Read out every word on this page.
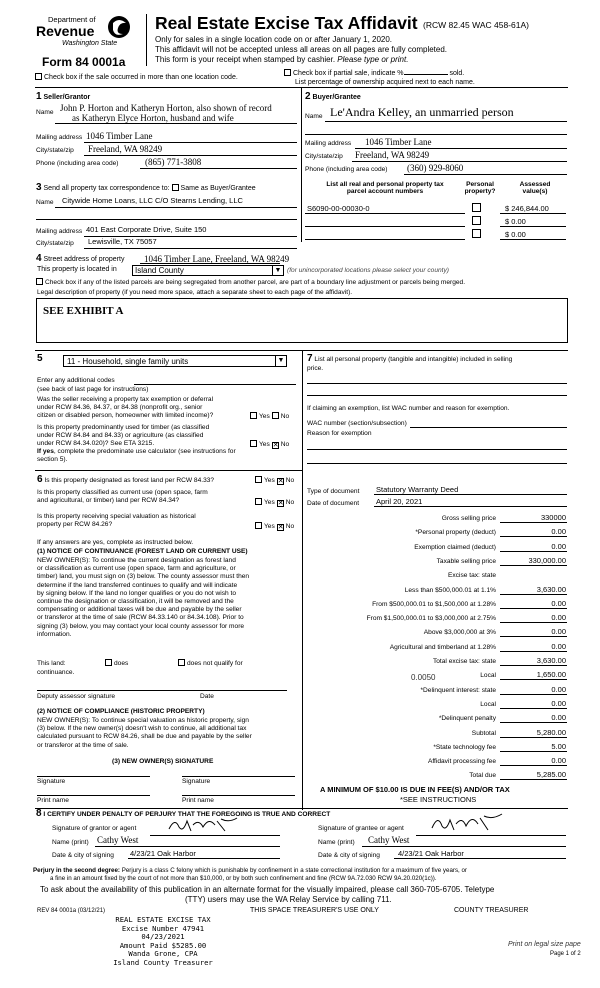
Department of
Revenue
Washington State
Form 84 0001a
Real Estate Excise Tax Affidavit (RCW 82.45 WAC 458-61A)
Only for sales in a single location code on or after January 1, 2020.
This affidavit will not be accepted unless all areas on all pages are fully completed.
This form is your receipt when stamped by cashier. Please type or print.
Check box if the sale occurred in more than one location code.
Check box if partial sale, indicate %	sold.
List percentage of ownership acquired next to each name.
1 Seller/Grantor
Name John P. Horton and Katheryn Horton, also shown of record
as Katheryn Elyce Horton, husband and wife
Mailing address 1046 Timber Lane
City/state/zip Freeland, WA 98249
Phone (including area code)	(865) 771-3808
2 Buyer/Grantee
Name Le'Andra Kelley, an unmarried person
Mailing address 1046 Timber Lane
City/state/zip Freeland, WA 98249
Phone (including area code) (360) 929-8060
3 Send all property tax correspondence to: Same as Buyer/Grantee
Name Citywide Home Loans, LLC C/O Stearns Lending, LLC
Mailing address 401 East Corporate Drive, Suite 150
City/state/zip Lewisville, TX 75057
List all real and personal property tax
parcel account numbers
Personal
property?
Assessed
value(s)
S6090-00-00030-0	$ 246,844.00
$ 0.00
$ 0.00
4 Street address of property 1046 Timber Lane, Freeland, WA 98249
This property is located in	Island County	▼ (for unincorporated locations please select your county)
Check box if any of the listed parcels are being segregated from another parcel, are part of a boundary line adjustment or parcels being merged.
Legal description of property (if you need more space, attach a separate sheet to each page of the affidavit).
SEE EXHIBIT A
5	11 - Household, single family units	▼
Enter any additional codes
(see back of last page for instructions)
Was the seller receiving a property tax exemption or deferral
under RCW 84.36, 84.37, or 84.38 (nonprofit org., senior
citizen or disabled person, homeowner with limited income)?	Yes No
Is this property predominantly used for timber (as classified
under RCW 84.84 and 84.33) or agriculture (as classified
under RCW 84.34.020)? See ETA 3215.
If yes, complete the predominate use calculator (see instructions for
section 5).
Yes ✕ No
6 Is this property designated as forest land per RCW 84.33?	Yes ✕ No
Is this property classified as current use (open space, farm
and agricultural, or timber) land per RCW 84.34?	Yes ✕ No
Is this property receiving special valuation as historical
property per RCW 84.26?	Yes ✕ No
If any answers are yes, complete as instructed below.
(1) NOTICE OF CONTINUANCE (FOREST LAND OR CURRENT USE)
NEW OWNER(S): To continue the current designation as forest land
or classification as current use (open space, farm and agriculture, or
timber) land, you must sign on (3) below. The county assessor must then
determine if the land transferred continues to qualify and will indicate
by signing below. If the land no longer qualifies or you do not wish to
continue the designation or classification, it will be removed and the
compensating or additional taxes will be due and payable by the seller
or transferor at the time of sale (RCW 84.33.140 or 84.34.108). Prior to
signing (3) below, you may contact your local county assessor for more
information.
This land:	does	does not qualify for
continuance.
Deputy assessor signature	Date
(2) NOTICE OF COMPLIANCE (HISTORIC PROPERTY)
NEW OWNER(S): To continue special valuation as historic property, sign
(3) below. If the new owner(s) doesn't wish to continue, all additional tax
calculated pursuant to RCW 84.26, shall be due and payable by the seller
or transferor at the time of sale.
(3) NEW OWNER(S) SIGNATURE
Signature	Signature
Print name	Print name
7 List all personal property (tangible and intangible) included in selling
price.
If claiming an exemption, list WAC number and reason for exemption.
WAC number (section/subsection)
Reason for exemption
Type of document Statutory Warranty Deed
Date of document April 20, 2021
Gross selling price	330000
*Personal property (deduct)	0.00
Exemption claimed (deduct)	0.00
Taxable selling price	330,000.00
Excise tax: state
Less than $500,000.01 at 1.1%	3,630.00
From $500,000.01 to $1,500,000 at 1.28%	0.00
From $1,500,000.01 to $3,000,000 at 2.75%	0.00
Above $3,000,000 at 3%	0.00
Agricultural and timberland at 1.28%	0.00
Total excise tax: state	3,630.00
Local	1,650.00
*Delinquent interest: state	0.00
Local	0.00
*Delinquent penalty	0.00
Subtotal	5,280.00
*State technology fee	5.00
Affidavit processing fee	0.00
Total due	5,285.00
0.0050
A MINIMUM OF $10.00 IS DUE IN FEE(S) AND/OR TAX
*SEE INSTRUCTIONS
8 I CERTIFY UNDER PENALTY OF PERJURY THAT THE FOREGOING IS TRUE AND CORRECT
Signature of grantor or agent
Name (print) Cathy West
Date & city of signing 4/23/21 Oak Harbor
Signature of grantee or agent
Name (print) Cathy West
Date & city of signing 4/23/21 Oak Harbor
Perjury in the second degree: Perjury is a class C felony which is punishable by confinement in a state correctional institution for a maximum of five years, or
a fine in an amount fixed by the court of not more than $10,000, or by both such confinement and fine (RCW 9A.72.030 RCW 9A.20.020(1c)).
To ask about the availability of this publication in an alternate format for the visually impaired, please call 360-705-6705. Teletype
(TTY) users may use the WA Relay Service by calling 711.
REV 84 0001a (03/12/21)	THIS SPACE TREASURER'S USE ONLY	COUNTY TREASURER
REAL ESTATE EXCISE TAX
Excise Number 47941
04/23/2021
Amount Paid $5285.00
Wanda Grone, CPA
Island County Treasurer
Print on legal size pape
Page 1 of 2
